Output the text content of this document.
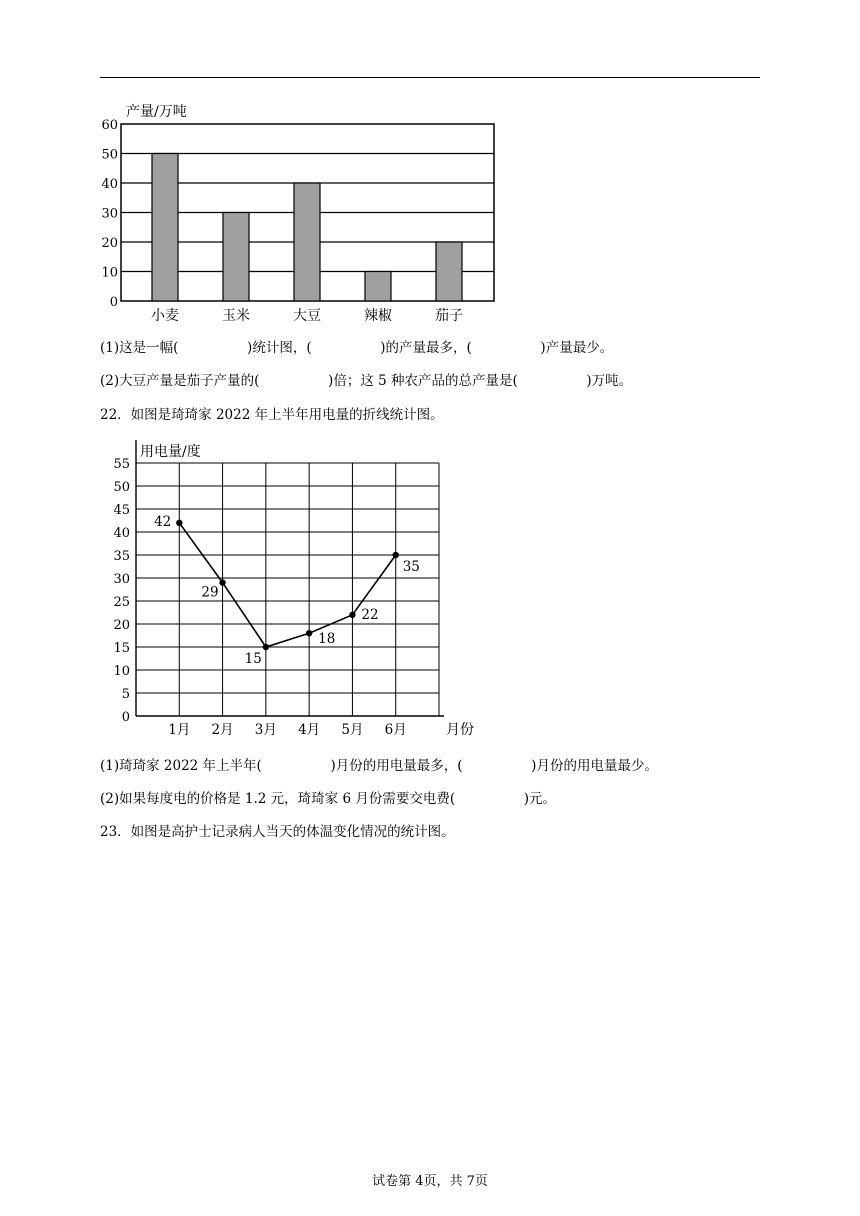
产量/万吨
0
10
20
30
40
50
60
小麦	玉米	大豆	辣椒	茄子
(1)这是一幅(                )统计图，(                )的产量最多，(                )产量最少。
(2)大豆产量是茄子产量的(                )倍；这 5 种农产品的总产量是(                )万吨。
22．如图是琦琦家 2022 年上半年用电量的折线统计图。
用电量/度
月份
0
5
10
15
20
25
30
35
40
45
50
55
1月 2月 3月 4月 5月 6月
42
29
15
18
22
35
(1)琦琦家 2022 年上半年(                )月份的用电量最多，(                )月份的用电量最少。
(2)如果每度电的价格是 1.2 元，琦琦家 6 月份需要交电费(                )元。
23．如图是高护士记录病人当天的体温变化情况的统计图。
试卷第 4页，共 7页
